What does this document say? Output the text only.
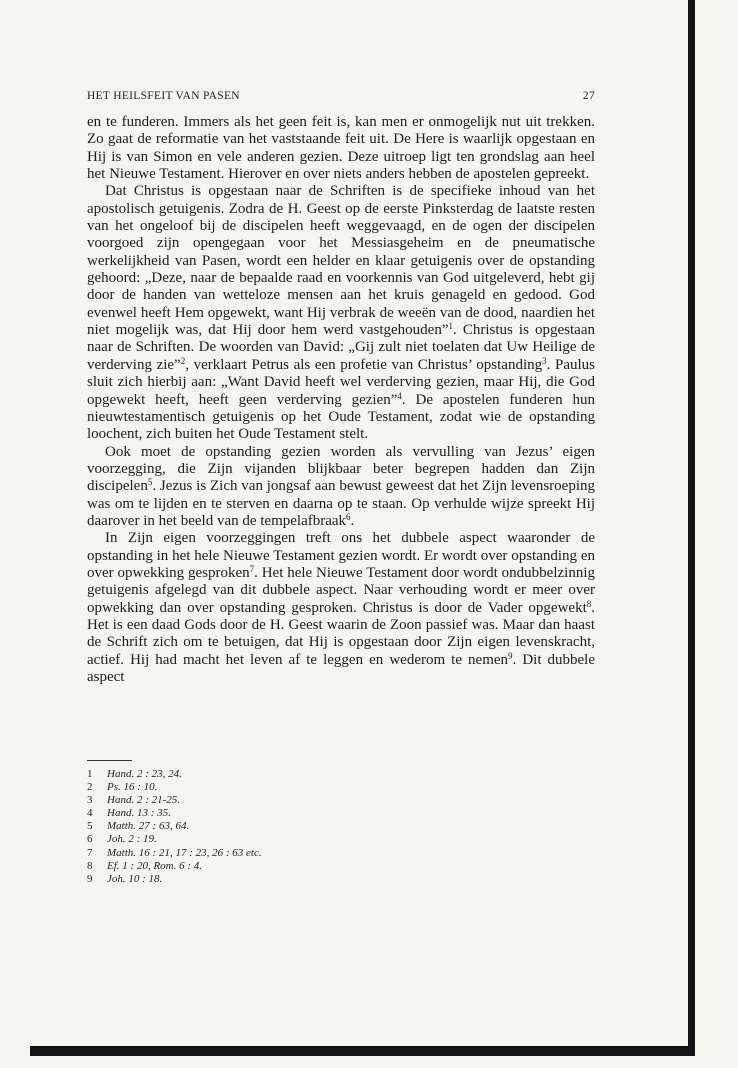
HET HEILSFEIT VAN PASEN	27

en te funderen. Immers als het geen feit is, kan men er onmogelijk nut uit trekken. Zo gaat de reformatie van het vaststaande feit uit. De Here is waarlijk opgestaan en Hij is van Simon en vele anderen gezien. Deze uitroep ligt ten grondslag aan heel het Nieuwe Testament. Hierover en over niets anders hebben de apostelen gepreekt.

Dat Christus is opgestaan naar de Schriften is de specifieke inhoud van het apostolisch getuigenis. Zodra de H. Geest op de eerste Pinksterdag de laatste resten van het ongeloof bij de discipelen heeft weggevaagd, en de ogen der discipelen voorgoed zijn opengegaan voor het Messiasgeheim en de pneumatische werkelijkheid van Pasen, wordt een helder en klaar getuigenis over de opstanding gehoord: „Deze, naar de bepaalde raad en voorkennis van God uitgeleverd, hebt gij door de handen van wetteloze mensen aan het kruis genageld en gedood. God evenwel heeft Hem opgewekt, want Hij verbrak de weeën van de dood, naardien het niet mogelijk was, dat Hij door hem werd vastgehouden”$^1$. Christus is opgestaan naar de Schriften. De woorden van David: „Gij zult niet toelaten dat Uw Heilige de verderving zie”$^2$, verklaart Petrus als een profetie van Christus’ opstanding$^3$. Paulus sluit zich hierbij aan: „Want David heeft wel verderving gezien, maar Hij, die God opgewekt heeft, heeft geen verderving gezien”$^4$. De apostelen funderen hun nieuwtestamentisch getuigenis op het Oude Testament, zodat wie de opstanding loochent, zich buiten het Oude Testament stelt.

Ook moet de opstanding gezien worden als vervulling van Jezus’ eigen voorzegging, die Zijn vijanden blijkbaar beter begrepen hadden dan Zijn discipelen$^5$. Jezus is Zich van jongsaf aan bewust geweest dat het Zijn levensroeping was om te lijden en te sterven en daarna op te staan. Op verhulde wijze spreekt Hij daarover in het beeld van de tempelafbraak$^6$.

In Zijn eigen voorzeggingen treft ons het dubbele aspect waaronder de opstanding in het hele Nieuwe Testament gezien wordt. Er wordt over opstanding en over opwekking gesproken$^7$. Het hele Nieuwe Testament door wordt ondubbelzinnig getuigenis afgelegd van dit dubbele aspect. Naar verhouding wordt er meer over opwekking dan over opstanding gesproken. Christus is door de Vader opgewekt$^8$. Het is een daad Gods door de H. Geest waarin de Zoon passief was. Maar dan haast de Schrift zich om te betuigen, dat Hij is opgestaan door Zijn eigen levenskracht, actief. Hij had macht het leven af te leggen en wederom te nemen$^9$. Dit dubbele aspect

1	Hand. 2 : 23, 24.
2	Ps. 16 : 10.
3	Hand. 2 : 21-25.
4	Hand. 13 : 35.
5	Matth. 27 : 63, 64.
6	Joh. 2 : 19.
7	Matth. 16 : 21, 17 : 23, 26 : 63 etc.
8	Ef. 1 : 20, Rom. 6 : 4.
9	Joh. 10 : 18.
